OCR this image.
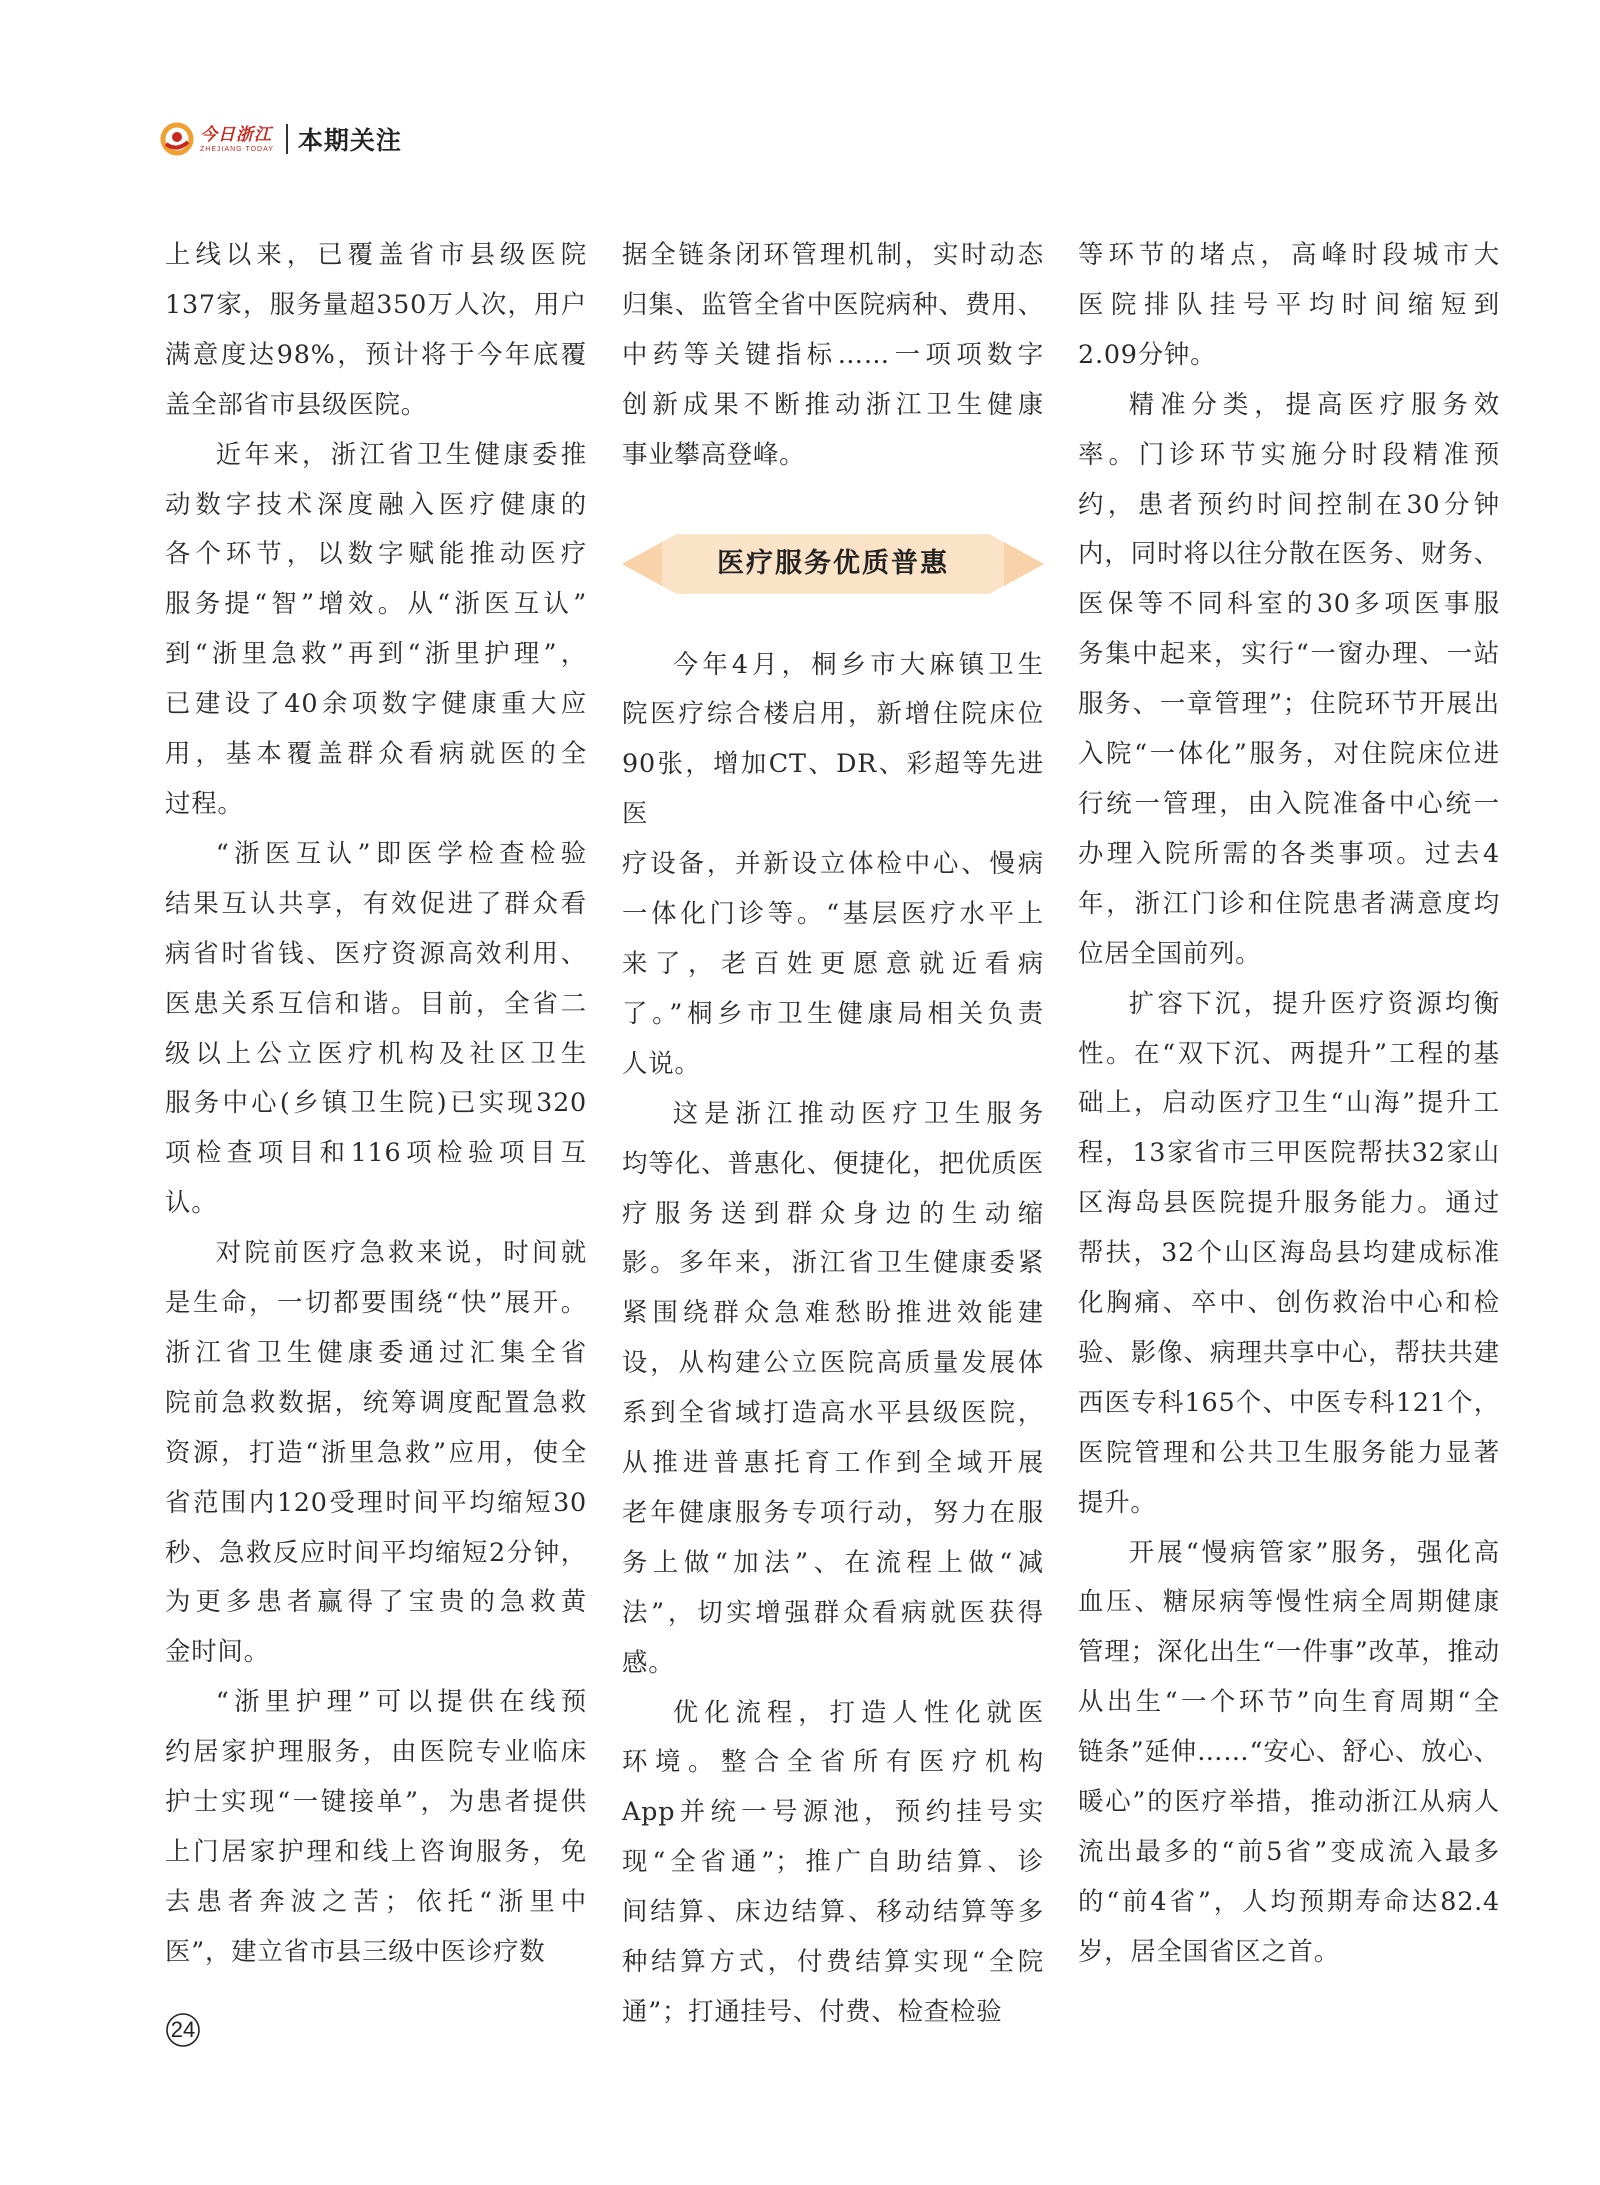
今日浙江
ZHEJIANG TODAY 本期关注

上线以来，已覆盖省市县级医院

137家，服务量超350万人次，用户

满意度达98%，预计将于今年底覆

盖全部省市县级医院。

近年来，浙江省卫生健康委推

动数字技术深度融入医疗健康的

各个环节，以数字赋能推动医疗

服务提“智”增效。从“浙医互认”

到“浙里急救”再到“浙里护理”，

已建设了40余项数字健康重大应

用，基本覆盖群众看病就医的全

过程。

“浙医互认”即医学检查检验

结果互认共享，有效促进了群众看

病省时省钱、医疗资源高效利用、

医患关系互信和谐。目前，全省二

级以上公立医疗机构及社区卫生

服务中心(乡镇卫生院)已实现320

项检查项目和116项检验项目互

认。

对院前医疗急救来说，时间就

是生命，一切都要围绕“快”展开。

浙江省卫生健康委通过汇集全省

院前急救数据，统筹调度配置急救

资源，打造“浙里急救”应用，使全

省范围内120受理时间平均缩短30

秒、急救反应时间平均缩短2分钟，

为更多患者赢得了宝贵的急救黄

金时间。

“浙里护理”可以提供在线预

约居家护理服务，由医院专业临床

护士实现“一键接单”，为患者提供

上门居家护理和线上咨询服务，免

去患者奔波之苦；依托“浙里中

医”，建立省市县三级中医诊疗数

据全链条闭环管理机制，实时动态

归集、监管全省中医院病种、费用、

中药等关键指标……一项项数字

创新成果不断推动浙江卫生健康

事业攀高登峰。

医疗服务优质普惠

今年4月，桐乡市大麻镇卫生

院医疗综合楼启用，新增住院床位

90张，增加CT、DR、彩超等先进医

疗设备，并新设立体检中心、慢病

一体化门诊等。“基层医疗水平上

来了，老百姓更愿意就近看病

了。”桐乡市卫生健康局相关负责

人说。

这是浙江推动医疗卫生服务

均等化、普惠化、便捷化，把优质医

疗服务送到群众身边的生动缩

影。多年来，浙江省卫生健康委紧

紧围绕群众急难愁盼推进效能建

设，从构建公立医院高质量发展体

系到全省域打造高水平县级医院，

从推进普惠托育工作到全域开展

老年健康服务专项行动，努力在服

务上做“加法”、在流程上做“减

法”，切实增强群众看病就医获得

感。

优化流程，打造人性化就医

环境。整合全省所有医疗机构

App并统一号源池，预约挂号实

现“全省通”；推广自助结算、诊

间结算、床边结算、移动结算等多

种结算方式，付费结算实现“全院

通”；打通挂号、付费、检查检验

等环节的堵点，高峰时段城市大

医院排队挂号平均时间缩短到

2.09分钟。

精准分类，提高医疗服务效

率。门诊环节实施分时段精准预

约，患者预约时间控制在30分钟

内，同时将以往分散在医务、财务、

医保等不同科室的30多项医事服

务集中起来，实行“一窗办理、一站

服务、一章管理”；住院环节开展出

入院“一体化”服务，对住院床位进

行统一管理，由入院准备中心统一

办理入院所需的各类事项。过去4

年，浙江门诊和住院患者满意度均

位居全国前列。

扩容下沉，提升医疗资源均衡

性。在“双下沉、两提升”工程的基

础上，启动医疗卫生“山海”提升工

程，13家省市三甲医院帮扶32家山

区海岛县医院提升服务能力。通过

帮扶，32个山区海岛县均建成标准

化胸痛、卒中、创伤救治中心和检

验、影像、病理共享中心，帮扶共建

西医专科165个、中医专科121个，

医院管理和公共卫生服务能力显著

提升。

开展“慢病管家”服务，强化高

血压、糖尿病等慢性病全周期健康

管理；深化出生“一件事”改革，推动

从出生“一个环节”向生育周期“全

链条”延伸……“安心、舒心、放心、

暖心”的医疗举措，推动浙江从病人

流出最多的“前5省”变成流入最多

的“前4省”，人均预期寿命达82.4

岁，居全国省区之首。

24
